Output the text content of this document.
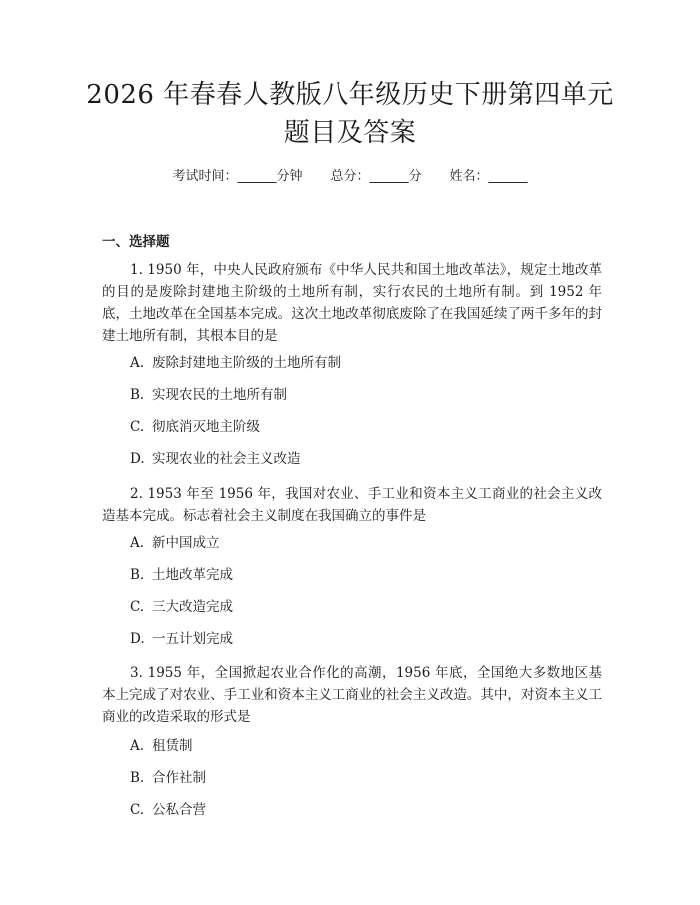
2026 年春春人教版八年级历史下册第四单元
题目及答案
考试时间：______分钟 总分：______分 姓名：______
一、选择题
1. 1950 年，中央人民政府颁布《中华人民共和国土地改革法》，规定土地改革的目的是废除封建地主阶级的土地所有制，实行农民的土地所有制。到 1952 年底，土地改革在全国基本完成。这次土地改革彻底废除了在我国延续了两千多年的封建土地所有制，其根本目的是
A. 废除封建地主阶级的土地所有制
B. 实现农民的土地所有制
C. 彻底消灭地主阶级
D. 实现农业的社会主义改造
2. 1953 年至 1956 年，我国对农业、手工业和资本主义工商业的社会主义改造基本完成。标志着社会主义制度在我国确立的事件是
A. 新中国成立
B. 土地改革完成
C. 三大改造完成
D. 一五计划完成
3. 1955 年，全国掀起农业合作化的高潮，1956 年底，全国绝大多数地区基本上完成了对农业、手工业和资本主义工商业的社会主义改造。其中，对资本主义工商业的改造采取的形式是
A. 租赁制
B. 合作社制
C. 公私合营
